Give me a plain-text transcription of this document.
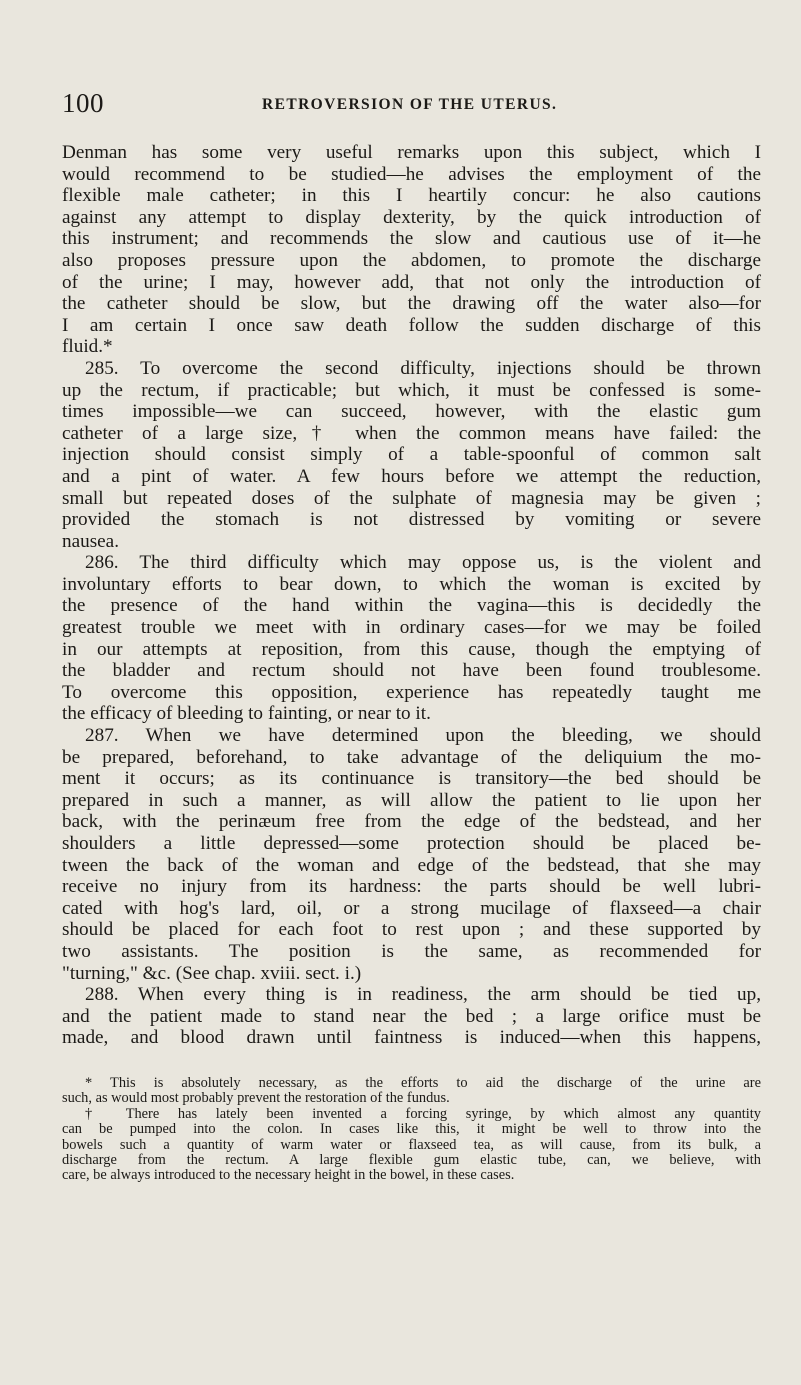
100	RETROVERSION OF THE UTERUS.
Denman has some very useful remarks upon this subject, which I
would recommend to be studied—he advises the employment of the
flexible male catheter; in this I heartily concur: he also cautions
against any attempt to display dexterity, by the quick introduction of
this instrument; and recommends the slow and cautious use of it—he
also proposes pressure upon the abdomen, to promote the discharge
of the urine; I may, however add, that not only the introduction of
the catheter should be slow, but the drawing off the water also—for
I am certain I once saw death follow the sudden discharge of this
fluid.*
285. To overcome the second difficulty, injections should be thrown
up the rectum, if practicable; but which, it must be confessed is some-
times impossible—we can succeed, however, with the elastic gum
catheter of a large size,† when the common means have failed: the
injection should consist simply of a table-spoonful of common salt
and a pint of water. A few hours before we attempt the reduction,
small but repeated doses of the sulphate of magnesia may be given ;
provided the stomach is not distressed by vomiting or severe
nausea.
286. The third difficulty which may oppose us, is the violent and
involuntary efforts to bear down, to which the woman is excited by
the presence of the hand within the vagina—this is decidedly the
greatest trouble we meet with in ordinary cases—for we may be foiled
in our attempts at reposition, from this cause, though the emptying of
the bladder and rectum should not have been found troublesome.
To overcome this opposition, experience has repeatedly taught me
the efficacy of bleeding to fainting, or near to it.
287. When we have determined upon the bleeding, we should
be prepared, beforehand, to take advantage of the deliquium the mo-
ment it occurs; as its continuance is transitory—the bed should be
prepared in such a manner, as will allow the patient to lie upon her
back, with the perinæum free from the edge of the bedstead, and her
shoulders a little depressed—some protection should be placed be-
tween the back of the woman and edge of the bedstead, that she may
receive no injury from its hardness: the parts should be well lubri-
cated with hog's lard, oil, or a strong mucilage of flaxseed—a chair
should be placed for each foot to rest upon ; and these supported by
two assistants. The position is the same, as recommended for
"turning," &c. (See chap. xviii. sect. i.)
288. When every thing is in readiness, the arm should be tied up,
and the patient made to stand near the bed ; a large orifice must be
made, and blood drawn until faintness is induced—when this happens,
* This is absolutely necessary, as the efforts to aid the discharge of the urine are
such, as would most probably prevent the restoration of the fundus.
† There has lately been invented a forcing syringe, by which almost any quantity
can be pumped into the colon. In cases like this, it might be well to throw into the
bowels such a quantity of warm water or flaxseed tea, as will cause, from its bulk, a
discharge from the rectum. A large flexible gum elastic tube, can, we believe, with
care, be always introduced to the necessary height in the bowel, in these cases.
